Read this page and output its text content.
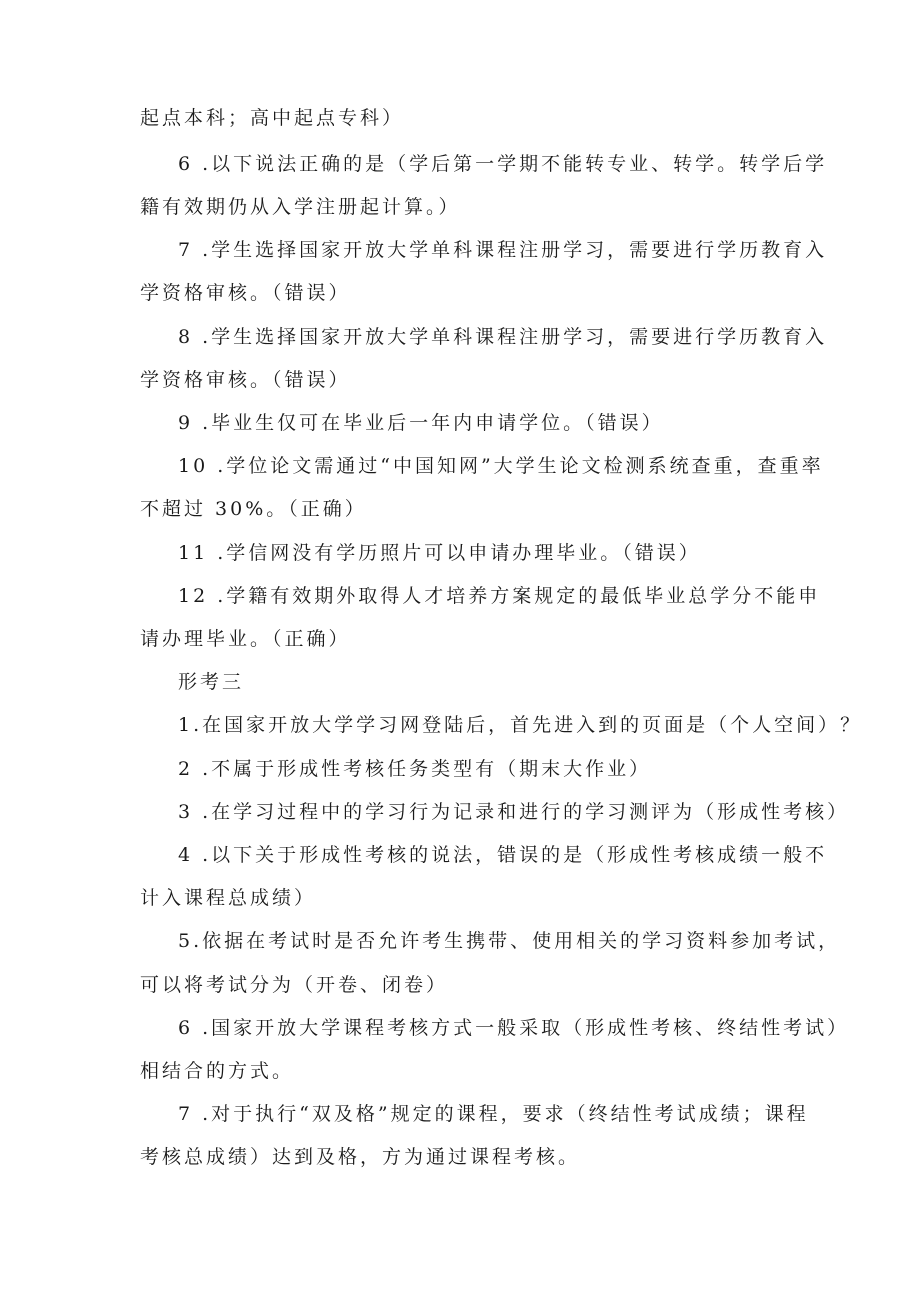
起点本科；高中起点专科）
6 .以下说法正确的是（学后第一学期不能转专业、转学。转学后学
籍有效期仍从入学注册起计算。）
7 .学生选择国家开放大学单科课程注册学习，需要进行学历教育入
学资格审核。（错误）
8 .学生选择国家开放大学单科课程注册学习，需要进行学历教育入
学资格审核。（错误）
9 .毕业生仅可在毕业后一年内申请学位。（错误）
10 .学位论文需通过“中国知网”大学生论文检测系统查重，查重率
不超过 30%。（正确）
11 .学信网没有学历照片可以申请办理毕业。（错误）
12 .学籍有效期外取得人才培养方案规定的最低毕业总学分不能申
请办理毕业。（正确）
形考三
1.在国家开放大学学习网登陆后，首先进入到的页面是（个人空间）？
2 .不属于形成性考核任务类型有（期末大作业）
3 .在学习过程中的学习行为记录和进行的学习测评为（形成性考核）
4 .以下关于形成性考核的说法，错误的是（形成性考核成绩一般不
计入课程总成绩）
5.依据在考试时是否允许考生携带、使用相关的学习资料参加考试，
可以将考试分为（开卷、闭卷）
6 .国家开放大学课程考核方式一般采取（形成性考核、终结性考试）
相结合的方式。
7 .对于执行“双及格”规定的课程，要求（终结性考试成绩；课程
考核总成绩）达到及格，方为通过课程考核。
